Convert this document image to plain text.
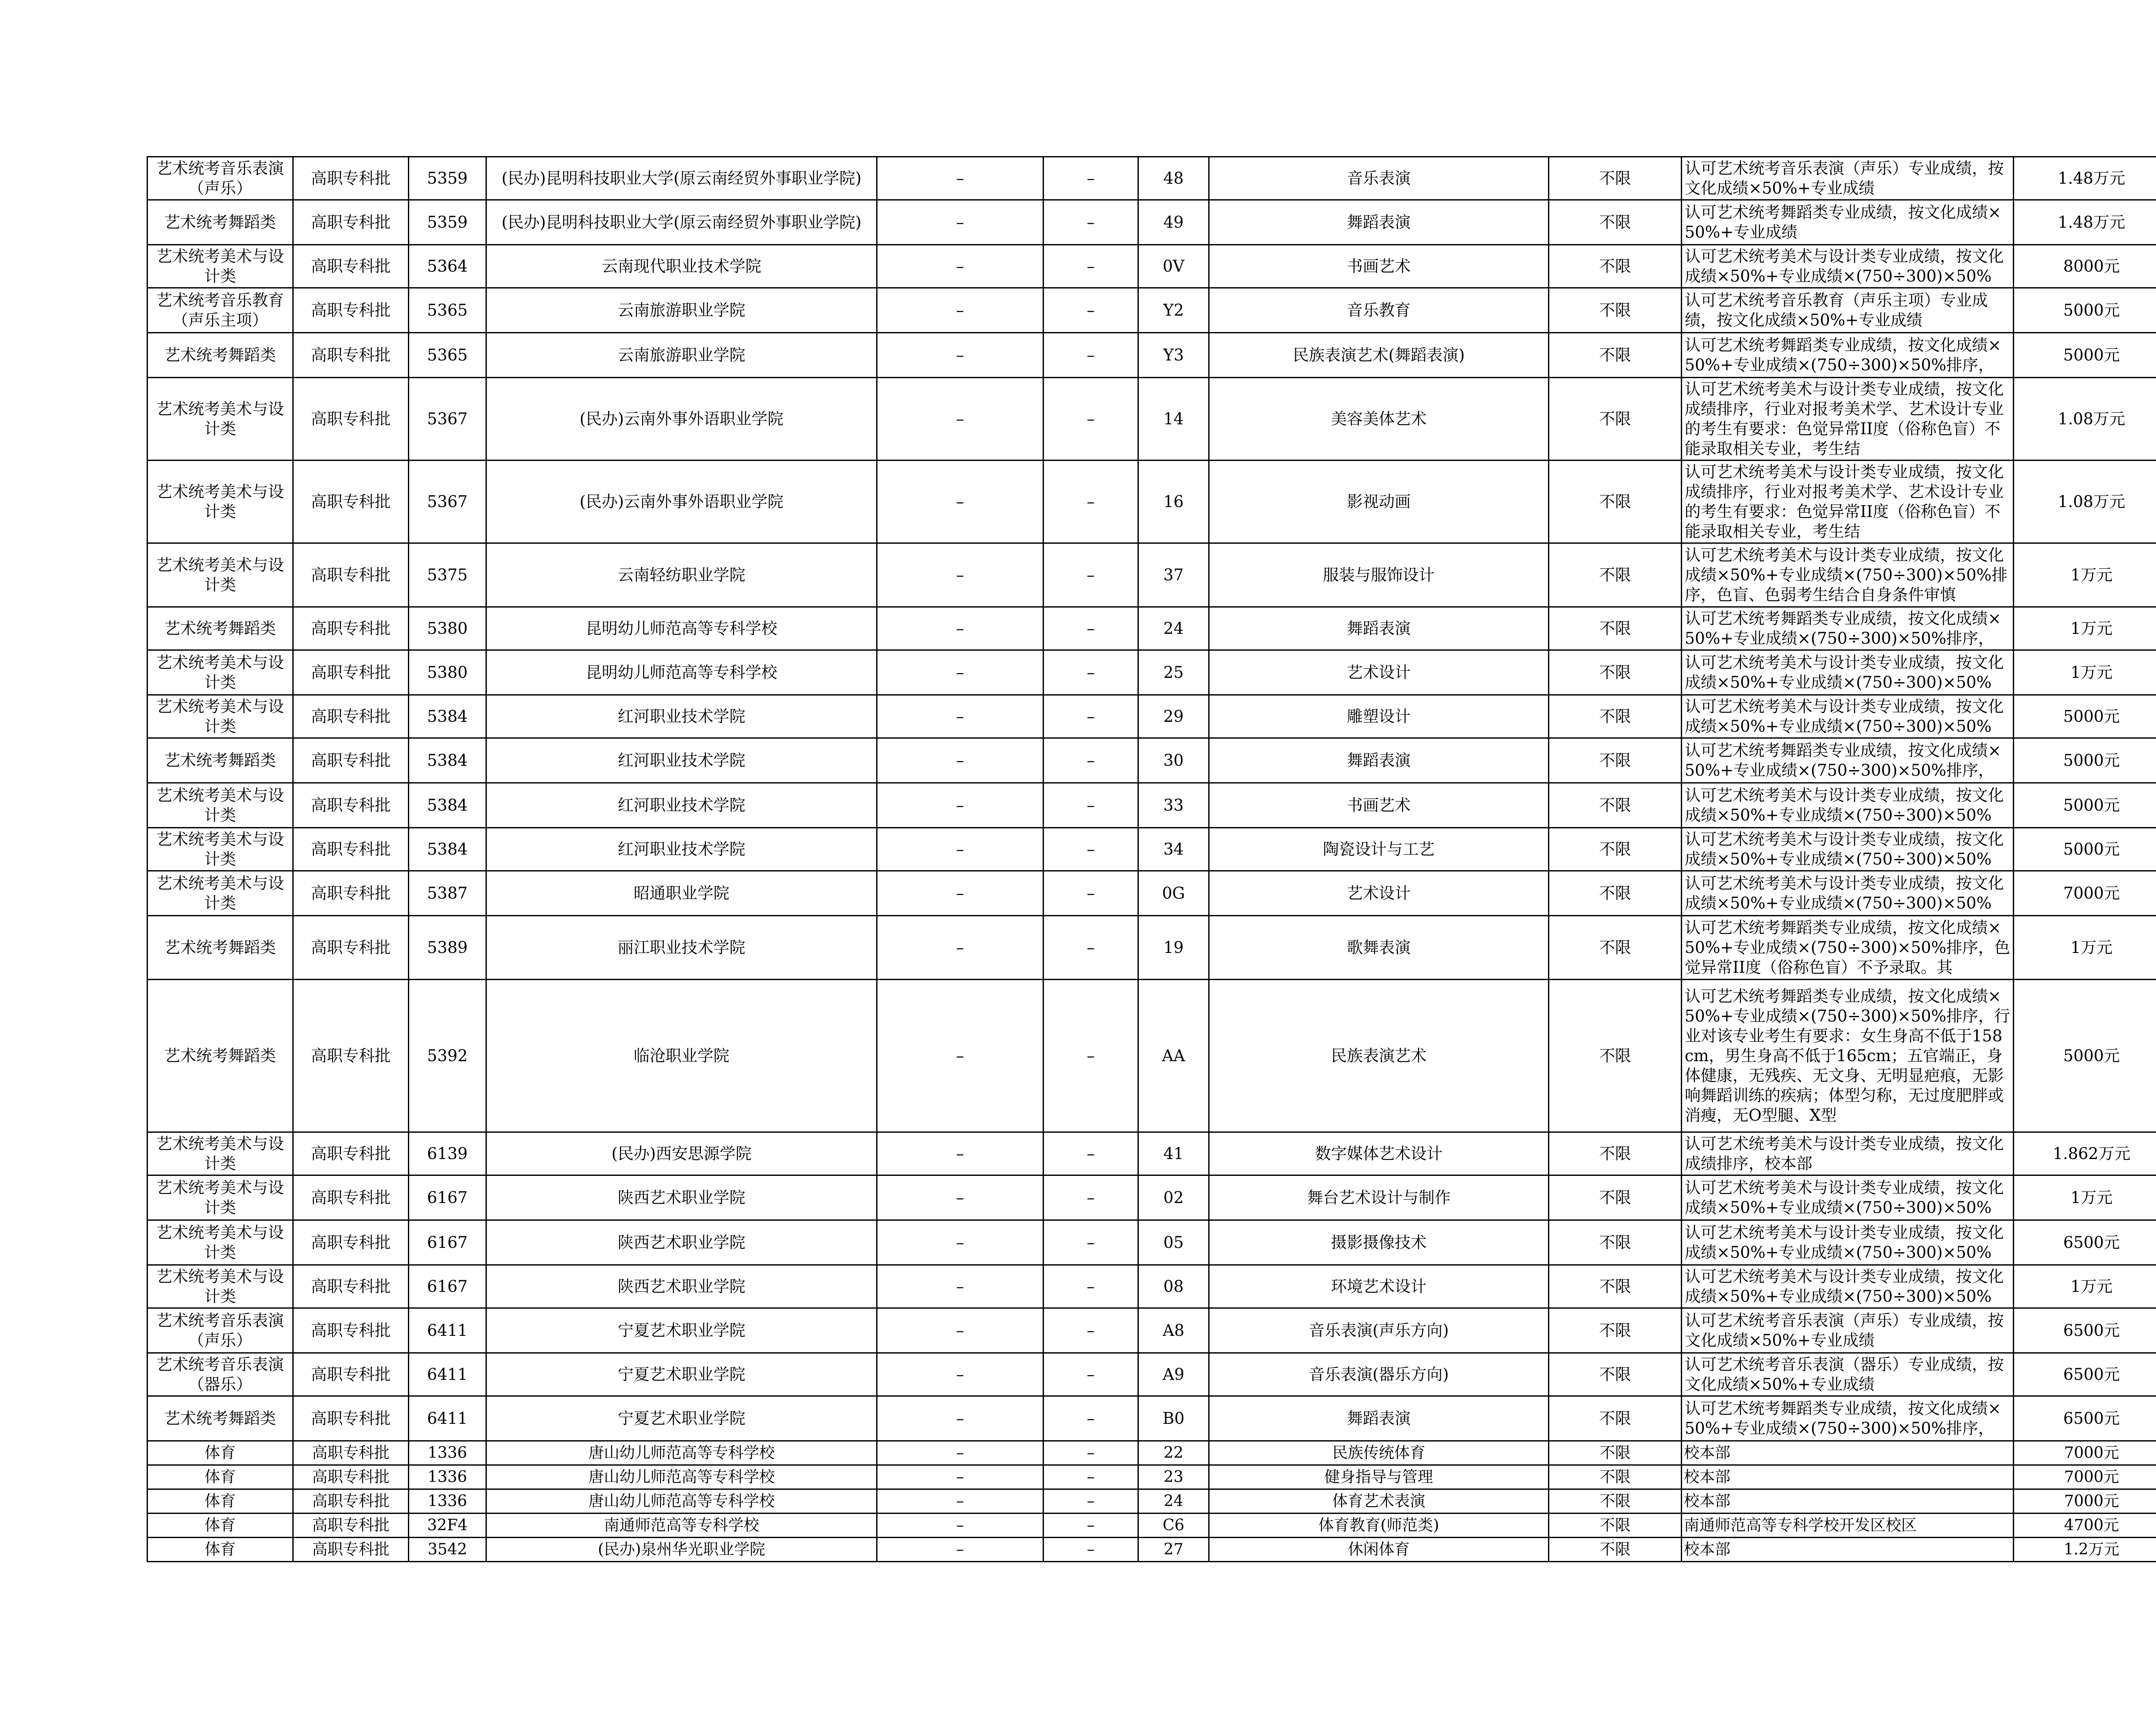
艺术统考音乐表演（声乐）	高职专科批	5359	(民办)昆明科技职业大学(原云南经贸外事职业学院)	–	–	48	音乐表演	不限	认可艺术统考音乐表演（声乐）专业成绩，按文化成绩×50%+专业成绩	1.48万元

艺术统考舞蹈类	高职专科批	5359	(民办)昆明科技职业大学(原云南经贸外事职业学院)	–	–	49	舞蹈表演	不限	认可艺术统考舞蹈类专业成绩，按文化成绩×50%+专业成绩	1.48万元

艺术统考美术与设计类	高职专科批	5364	云南现代职业技术学院	–	–	0V	书画艺术	不限	认可艺术统考美术与设计类专业成绩，按文化成绩×50%+专业成绩×(750÷300)×50%	8000元

艺术统考音乐教育（声乐主项）	高职专科批	5365	云南旅游职业学院	–	–	Y2	音乐教育	不限	认可艺术统考音乐教育（声乐主项）专业成绩，按文化成绩×50%+专业成绩	5000元

艺术统考舞蹈类	高职专科批	5365	云南旅游职业学院	–	–	Y3	民族表演艺术(舞蹈表演)	不限	认可艺术统考舞蹈类专业成绩，按文化成绩×50%+专业成绩×(750÷300)×50%排序，	5000元

艺术统考美术与设计类	高职专科批	5367	(民办)云南外事外语职业学院	–	–	14	美容美体艺术	不限	认可艺术统考美术与设计类专业成绩，按文化成绩排序，行业对报考美术学、艺术设计专业的考生有要求：色觉异常II度（俗称色盲）不能录取相关专业，考生结	1.08万元

艺术统考美术与设计类	高职专科批	5367	(民办)云南外事外语职业学院	–	–	16	影视动画	不限	认可艺术统考美术与设计类专业成绩，按文化成绩排序，行业对报考美术学、艺术设计专业的考生有要求：色觉异常II度（俗称色盲）不能录取相关专业，考生结	1.08万元

艺术统考美术与设计类	高职专科批	5375	云南轻纺职业学院	–	–	37	服装与服饰设计	不限	认可艺术统考美术与设计类专业成绩，按文化成绩×50%+专业成绩×(750÷300)×50%排序，色盲、色弱考生结合自身条件审慎	1万元

艺术统考舞蹈类	高职专科批	5380	昆明幼儿师范高等专科学校	–	–	24	舞蹈表演	不限	认可艺术统考舞蹈类专业成绩，按文化成绩×50%+专业成绩×(750÷300)×50%排序，	1万元

艺术统考美术与设计类	高职专科批	5380	昆明幼儿师范高等专科学校	–	–	25	艺术设计	不限	认可艺术统考美术与设计类专业成绩，按文化成绩×50%+专业成绩×(750÷300)×50%	1万元

艺术统考美术与设计类	高职专科批	5384	红河职业技术学院	–	–	29	雕塑设计	不限	认可艺术统考美术与设计类专业成绩，按文化成绩×50%+专业成绩×(750÷300)×50%	5000元

艺术统考舞蹈类	高职专科批	5384	红河职业技术学院	–	–	30	舞蹈表演	不限	认可艺术统考舞蹈类专业成绩，按文化成绩×50%+专业成绩×(750÷300)×50%排序，	5000元

艺术统考美术与设计类	高职专科批	5384	红河职业技术学院	–	–	33	书画艺术	不限	认可艺术统考美术与设计类专业成绩，按文化成绩×50%+专业成绩×(750÷300)×50%	5000元

艺术统考美术与设计类	高职专科批	5384	红河职业技术学院	–	–	34	陶瓷设计与工艺	不限	认可艺术统考美术与设计类专业成绩，按文化成绩×50%+专业成绩×(750÷300)×50%	5000元

艺术统考美术与设计类	高职专科批	5387	昭通职业学院	–	–	0G	艺术设计	不限	认可艺术统考美术与设计类专业成绩，按文化成绩×50%+专业成绩×(750÷300)×50%	7000元

艺术统考舞蹈类	高职专科批	5389	丽江职业技术学院	–	–	19	歌舞表演	不限	认可艺术统考舞蹈类专业成绩，按文化成绩×50%+专业成绩×(750÷300)×50%排序，色觉异常II度（俗称色盲）不予录取。其	1万元

艺术统考舞蹈类	高职专科批	5392	临沧职业学院	–	–	AA	民族表演艺术	不限	认可艺术统考舞蹈类专业成绩，按文化成绩×50%+专业成绩×(750÷300)×50%排序，行业对该专业考生有要求：女生身高不低于158cm，男生身高不低于165cm；五官端正，身体健康，无残疾、无文身、无明显疤痕，无影响舞蹈训练的疾病；体型匀称，无过度肥胖或消瘦，无O型腿、X型	5000元

艺术统考美术与设计类	高职专科批	6139	(民办)西安思源学院	–	–	41	数字媒体艺术设计	不限	认可艺术统考美术与设计类专业成绩，按文化成绩排序，校本部	1.862万元

艺术统考美术与设计类	高职专科批	6167	陕西艺术职业学院	–	–	02	舞台艺术设计与制作	不限	认可艺术统考美术与设计类专业成绩，按文化成绩×50%+专业成绩×(750÷300)×50%	1万元

艺术统考美术与设计类	高职专科批	6167	陕西艺术职业学院	–	–	05	摄影摄像技术	不限	认可艺术统考美术与设计类专业成绩，按文化成绩×50%+专业成绩×(750÷300)×50%	6500元

艺术统考美术与设计类	高职专科批	6167	陕西艺术职业学院	–	–	08	环境艺术设计	不限	认可艺术统考美术与设计类专业成绩，按文化成绩×50%+专业成绩×(750÷300)×50%	1万元

艺术统考音乐表演（声乐）	高职专科批	6411	宁夏艺术职业学院	–	–	A8	音乐表演(声乐方向)	不限	认可艺术统考音乐表演（声乐）专业成绩，按文化成绩×50%+专业成绩	6500元

艺术统考音乐表演（器乐）	高职专科批	6411	宁夏艺术职业学院	–	–	A9	音乐表演(器乐方向)	不限	认可艺术统考音乐表演（器乐）专业成绩，按文化成绩×50%+专业成绩	6500元

艺术统考舞蹈类	高职专科批	6411	宁夏艺术职业学院	–	–	B0	舞蹈表演	不限	认可艺术统考舞蹈类专业成绩，按文化成绩×50%+专业成绩×(750÷300)×50%排序，	6500元

体育	高职专科批	1336	唐山幼儿师范高等专科学校	–	–	22	民族传统体育	不限	校本部	7000元

体育	高职专科批	1336	唐山幼儿师范高等专科学校	–	–	23	健身指导与管理	不限	校本部	7000元

体育	高职专科批	1336	唐山幼儿师范高等专科学校	–	–	24	体育艺术表演	不限	校本部	7000元

体育	高职专科批	32F4	南通师范高等专科学校	–	–	C6	体育教育(师范类)	不限	南通师范高等专科学校开发区校区	4700元

体育	高职专科批	3542	(民办)泉州华光职业学院	–	–	27	休闲体育	不限	校本部	1.2万元
